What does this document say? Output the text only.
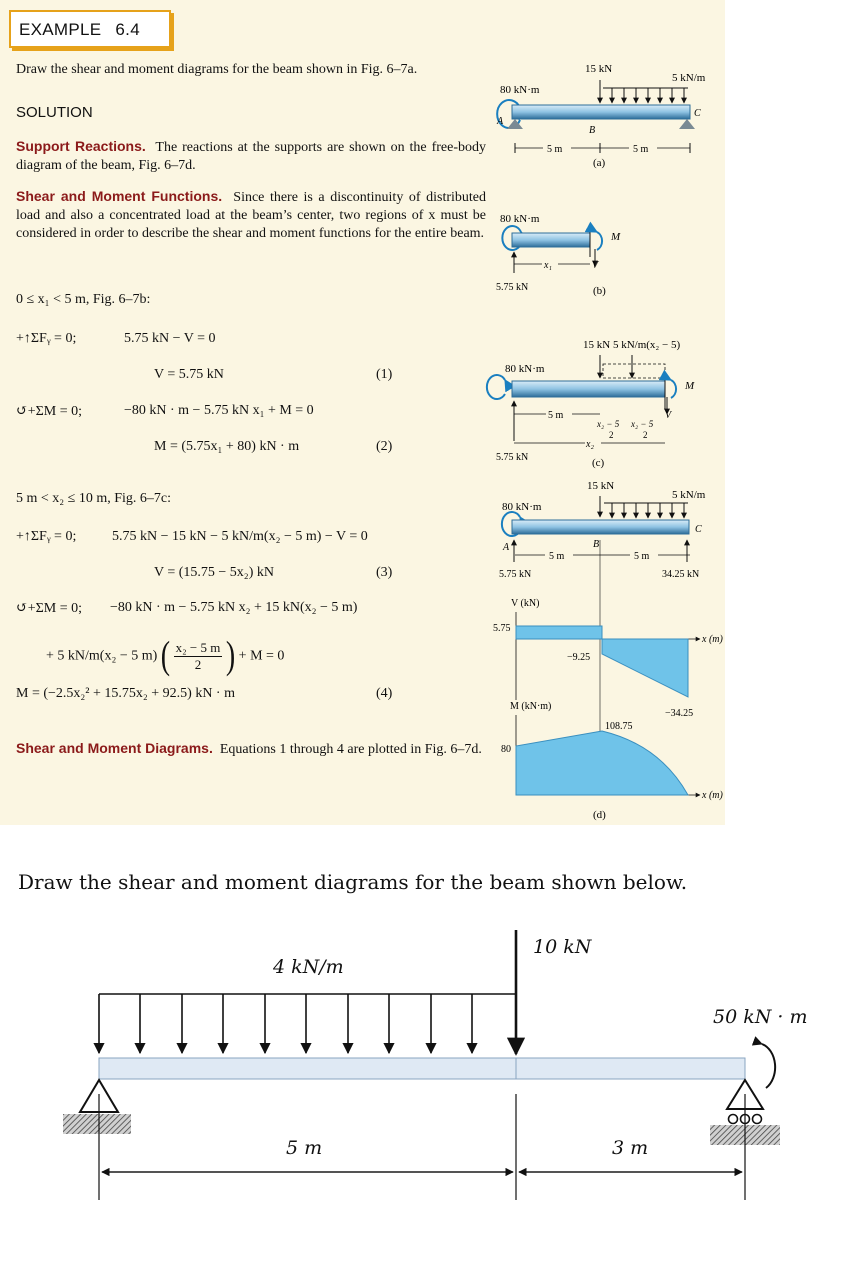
EXAMPLE 6.4
Draw the shear and moment diagrams for the beam shown in Fig. 6–7a.
SOLUTION
Support Reactions. The reactions at the supports are shown on the free-body diagram of the beam, Fig. 6–7d.
Shear and Moment Functions. Since there is a discontinuity of distributed load and also a concentrated load at the beam’s center, two regions of x must be considered in order to describe the shear and moment functions for the entire beam.
0 ≤ x₁ < 5 m, Fig. 6–7b:
+↑ΣFᵧ = 0;	5.75 kN − V = 0
V = 5.75 kN	(1)
↺+ΣM = 0;	−80 kN · m − 5.75 kN x₁ + M = 0
M = (5.75x₁ + 80) kN · m	(2)
5 m < x₂ ≤ 10 m, Fig. 6–7c:
+↑ΣFᵧ = 0;	5.75 kN − 15 kN − 5 kN/m(x₂ − 5 m) − V = 0
V = (15.75 − 5x₂) kN	(3)
↺+ΣM = 0; −80 kN · m − 5.75 kN x₂ + 15 kN(x₂ − 5 m)
+ 5 kN/m(x₂ − 5 m) ( $\frac{\text{x₂ − 5 m}}{2}$ ) + M = 0
M = (−2.5x₂² + 15.75x₂ + 92.5) kN · m	(4)
Shear and Moment Diagrams. Equations 1 through 4 are plotted in Fig. 6–7d.
80 kN·m
15 kN
5 kN/m
A
B
C
5 m	5 m
(a)
80 kN·m
M
V
x₁
5.75 kN	(b)
15 kN 5 kN/m(x₂ − 5)
80 kN·m
M
V
5 m
x₂ − 5 x₂ − 5
2	2
x₂
5.75 kN	(c)
15 kN
5 kN/m
80 kN·m
A	B
C
5 m	5 m
5.75 kN	34.25 kN
V (kN)
x (m)
5.75
−9.25
−34.25
M (kN·m)
x (m)
80
108.75
(d)
Draw the shear and moment diagrams for the beam shown below.
4 kN/m
10 kN
50 kN · m
5 m	3 m
